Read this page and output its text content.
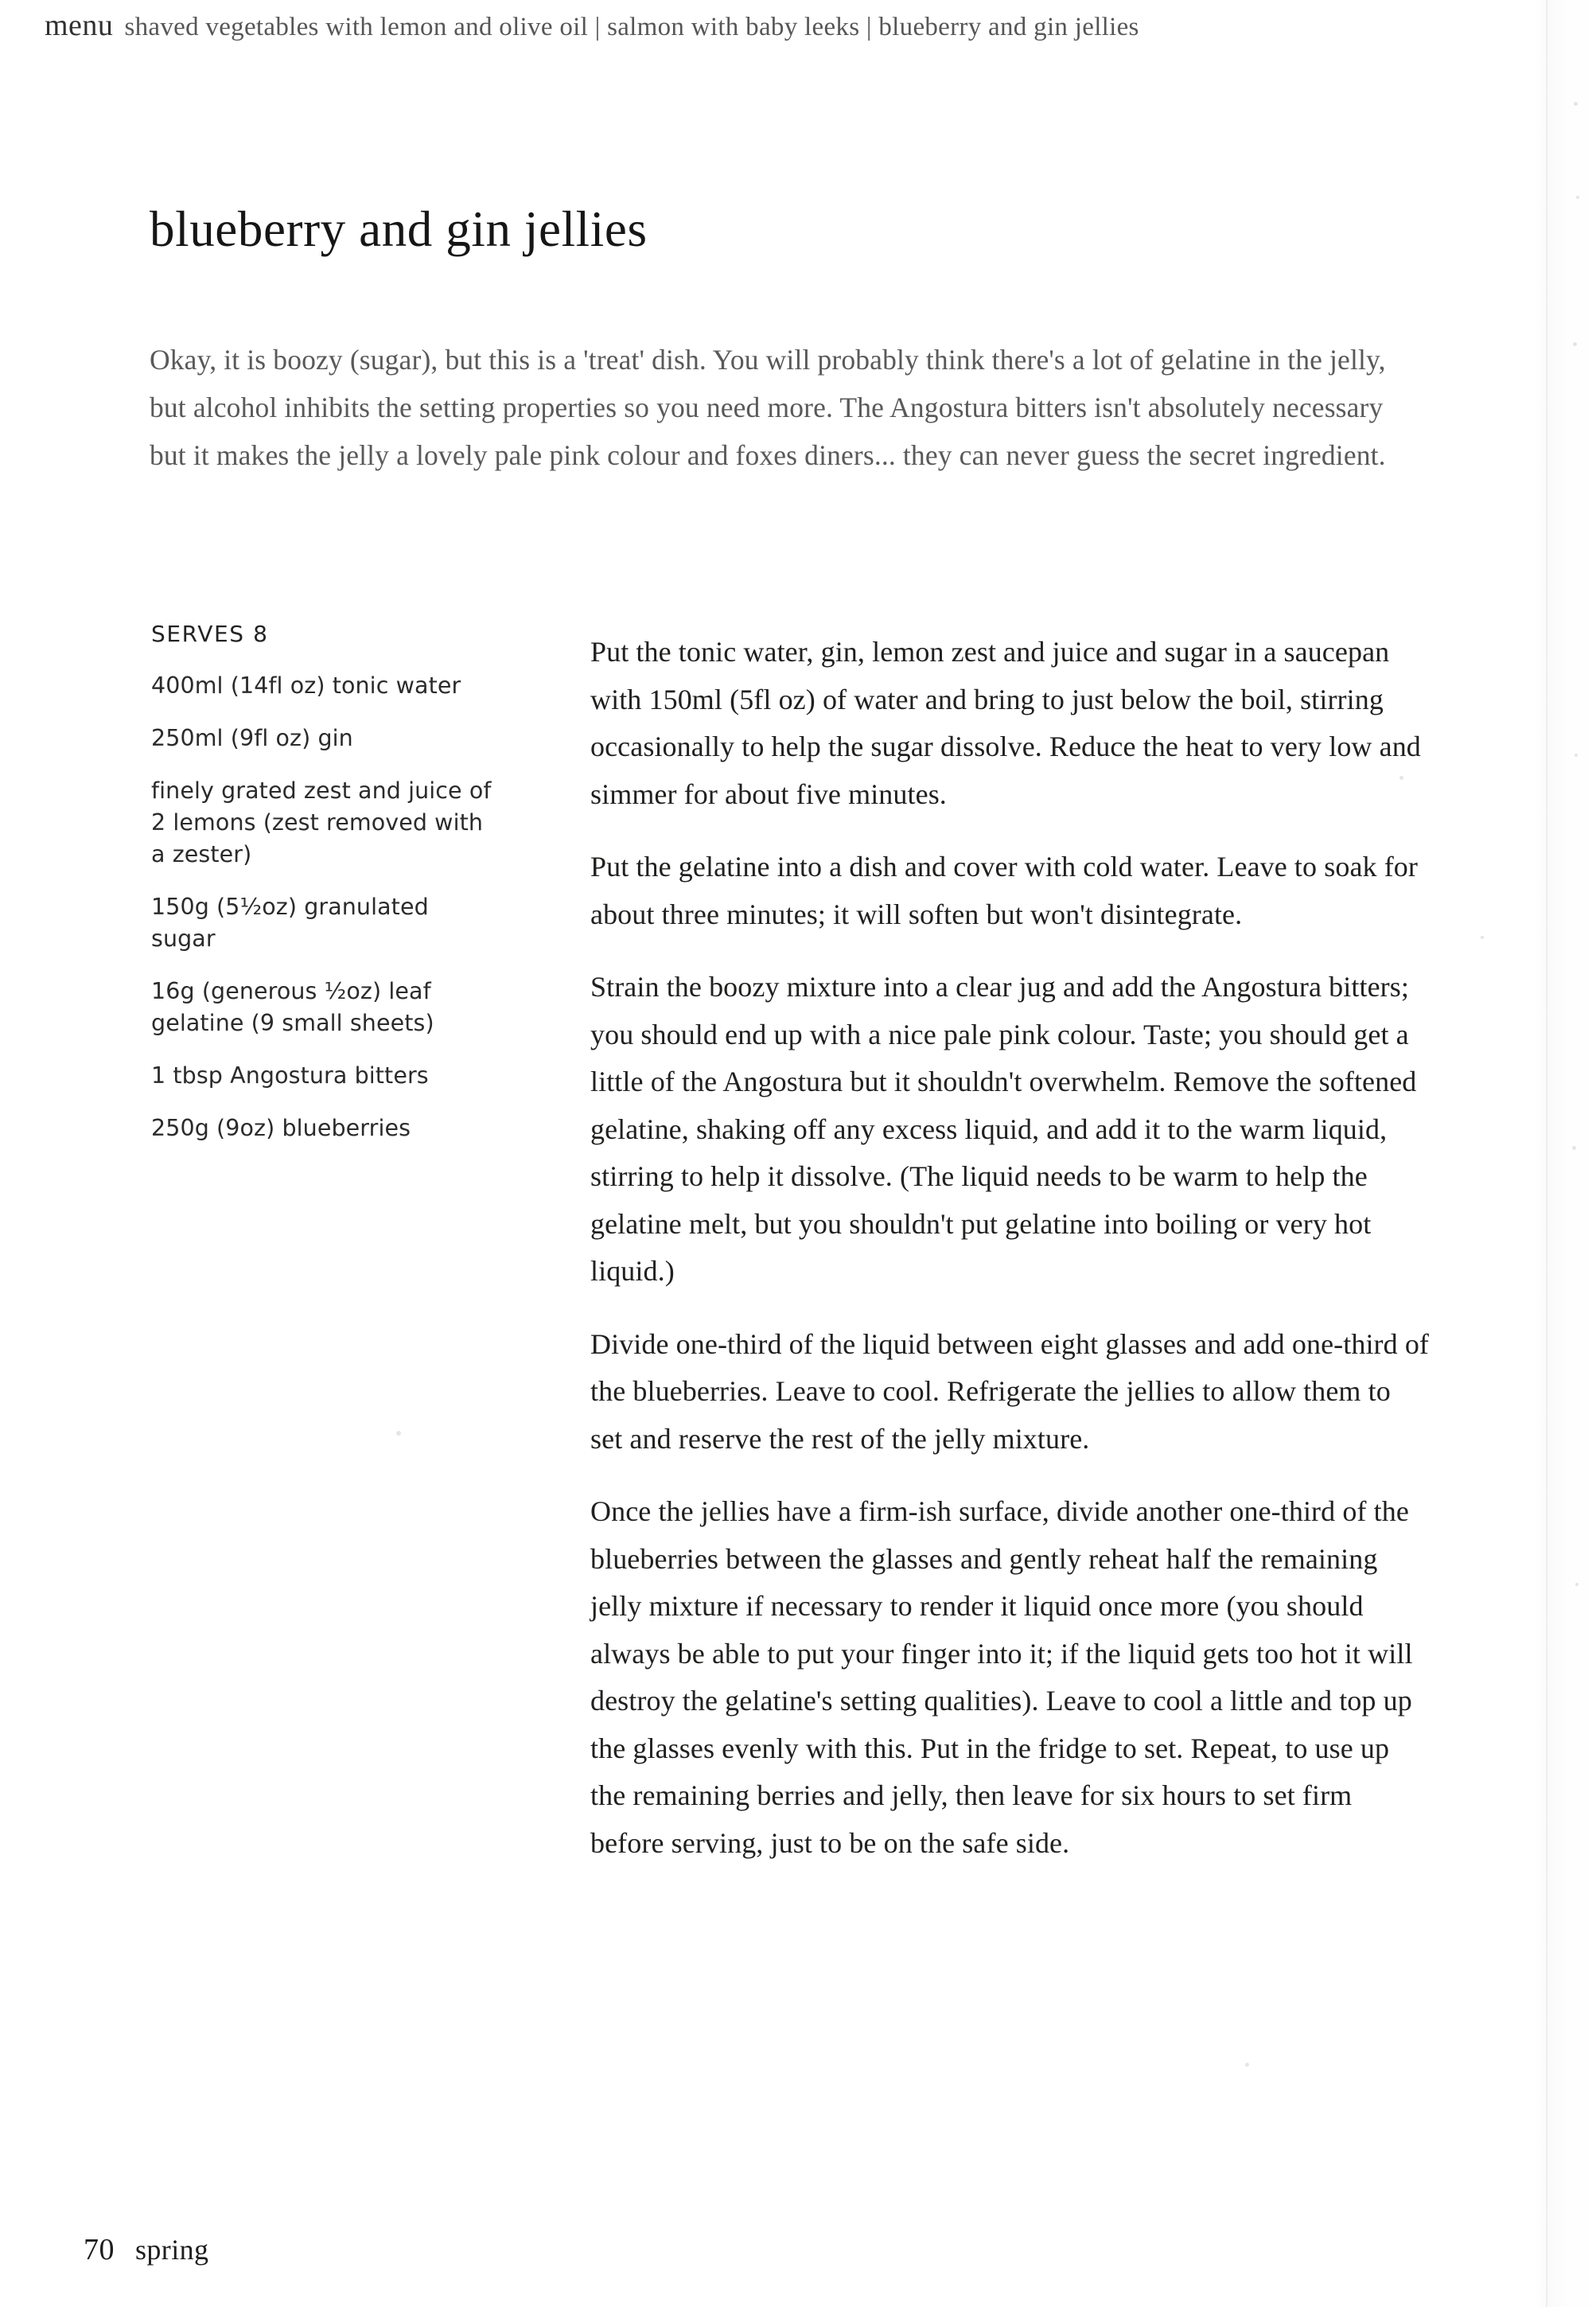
menu shaved vegetables with lemon and olive oil | salmon with baby leeks | blueberry and gin jellies
blueberry and gin jellies

Okay, it is boozy (sugar), but this is a 'treat' dish. You will probably think there's a lot of gelatine in the jelly, but alcohol inhibits the setting properties so you need more. The Angostura bitters isn't absolutely necessary but it makes the jelly a lovely pale pink colour and foxes diners... they can never guess the secret ingredient.

SERVES 8
400ml (14fl oz) tonic water
250ml (9fl oz) gin
finely grated zest and juice of 2 lemons (zest removed with a zester)
150g (5½oz) granulated sugar
16g (generous ½oz) leaf gelatine (9 small sheets)
1 tbsp Angostura bitters
250g (9oz) blueberries

Put the tonic water, gin, lemon zest and juice and sugar in a saucepan with 150ml (5fl oz) of water and bring to just below the boil, stirring occasionally to help the sugar dissolve. Reduce the heat to very low and simmer for about five minutes.

Put the gelatine into a dish and cover with cold water. Leave to soak for about three minutes; it will soften but won't disintegrate.

Strain the boozy mixture into a clear jug and add the Angostura bitters; you should end up with a nice pale pink colour. Taste; you should get a little of the Angostura but it shouldn't overwhelm. Remove the softened gelatine, shaking off any excess liquid, and add it to the warm liquid, stirring to help it dissolve. (The liquid needs to be warm to help the gelatine melt, but you shouldn't put gelatine into boiling or very hot liquid.)

Divide one-third of the liquid between eight glasses and add one-third of the blueberries. Leave to cool. Refrigerate the jellies to allow them to set and reserve the rest of the jelly mixture.

Once the jellies have a firm-ish surface, divide another one-third of the blueberries between the glasses and gently reheat half the remaining jelly mixture if necessary to render it liquid once more (you should always be able to put your finger into it; if the liquid gets too hot it will destroy the gelatine's setting qualities). Leave to cool a little and top up the glasses evenly with this. Put in the fridge to set. Repeat, to use up the remaining berries and jelly, then leave for six hours to set firm before serving, just to be on the safe side.

70 spring
